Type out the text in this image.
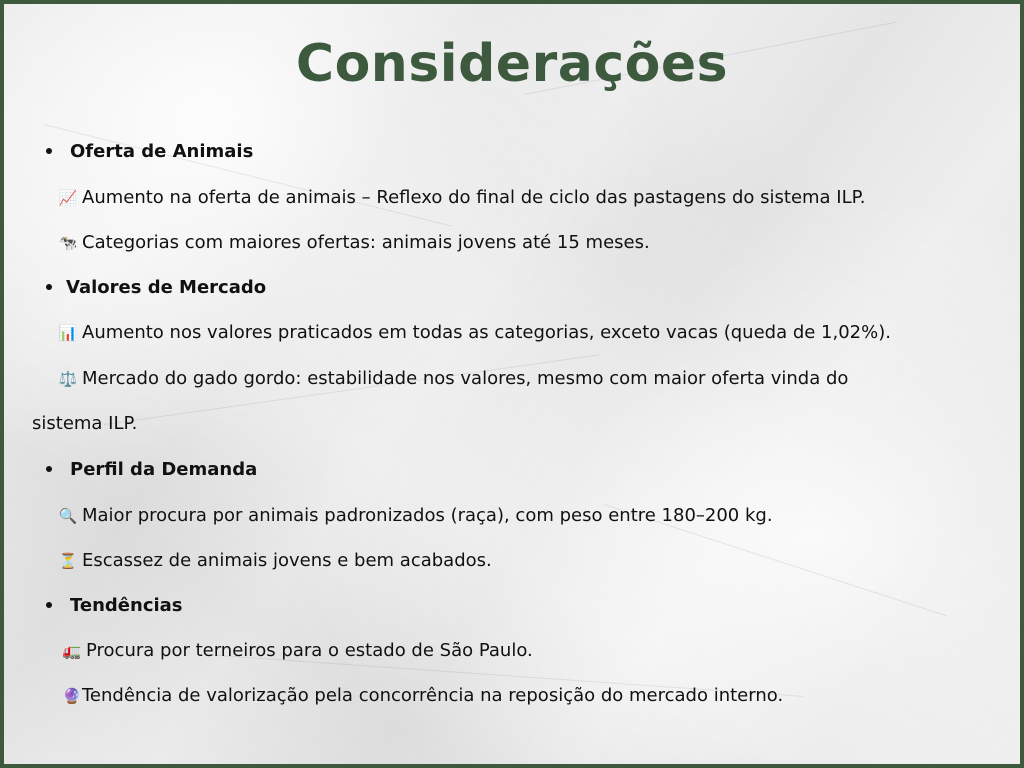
Considerações
Oferta de Animais
📈 Aumento na oferta de animais – Reflexo do final de ciclo das pastagens do sistema ILP.
🐄 Categorias com maiores ofertas: animais jovens até 15 meses.
Valores de Mercado
📊 Aumento nos valores praticados em todas as categorias, exceto vacas (queda de 1,02%).
⚖️ Mercado do gado gordo: estabilidade nos valores, mesmo com maior oferta vinda do
sistema ILP.
Perfil da Demanda
🔍 Maior procura por animais padronizados (raça), com peso entre 180–200 kg.
⏳ Escassez de animais jovens e bem acabados.
Tendências
🚛 Procura por terneiros para o estado de São Paulo.
🔮Tendência de valorização pela concorrência na reposição do mercado interno.
